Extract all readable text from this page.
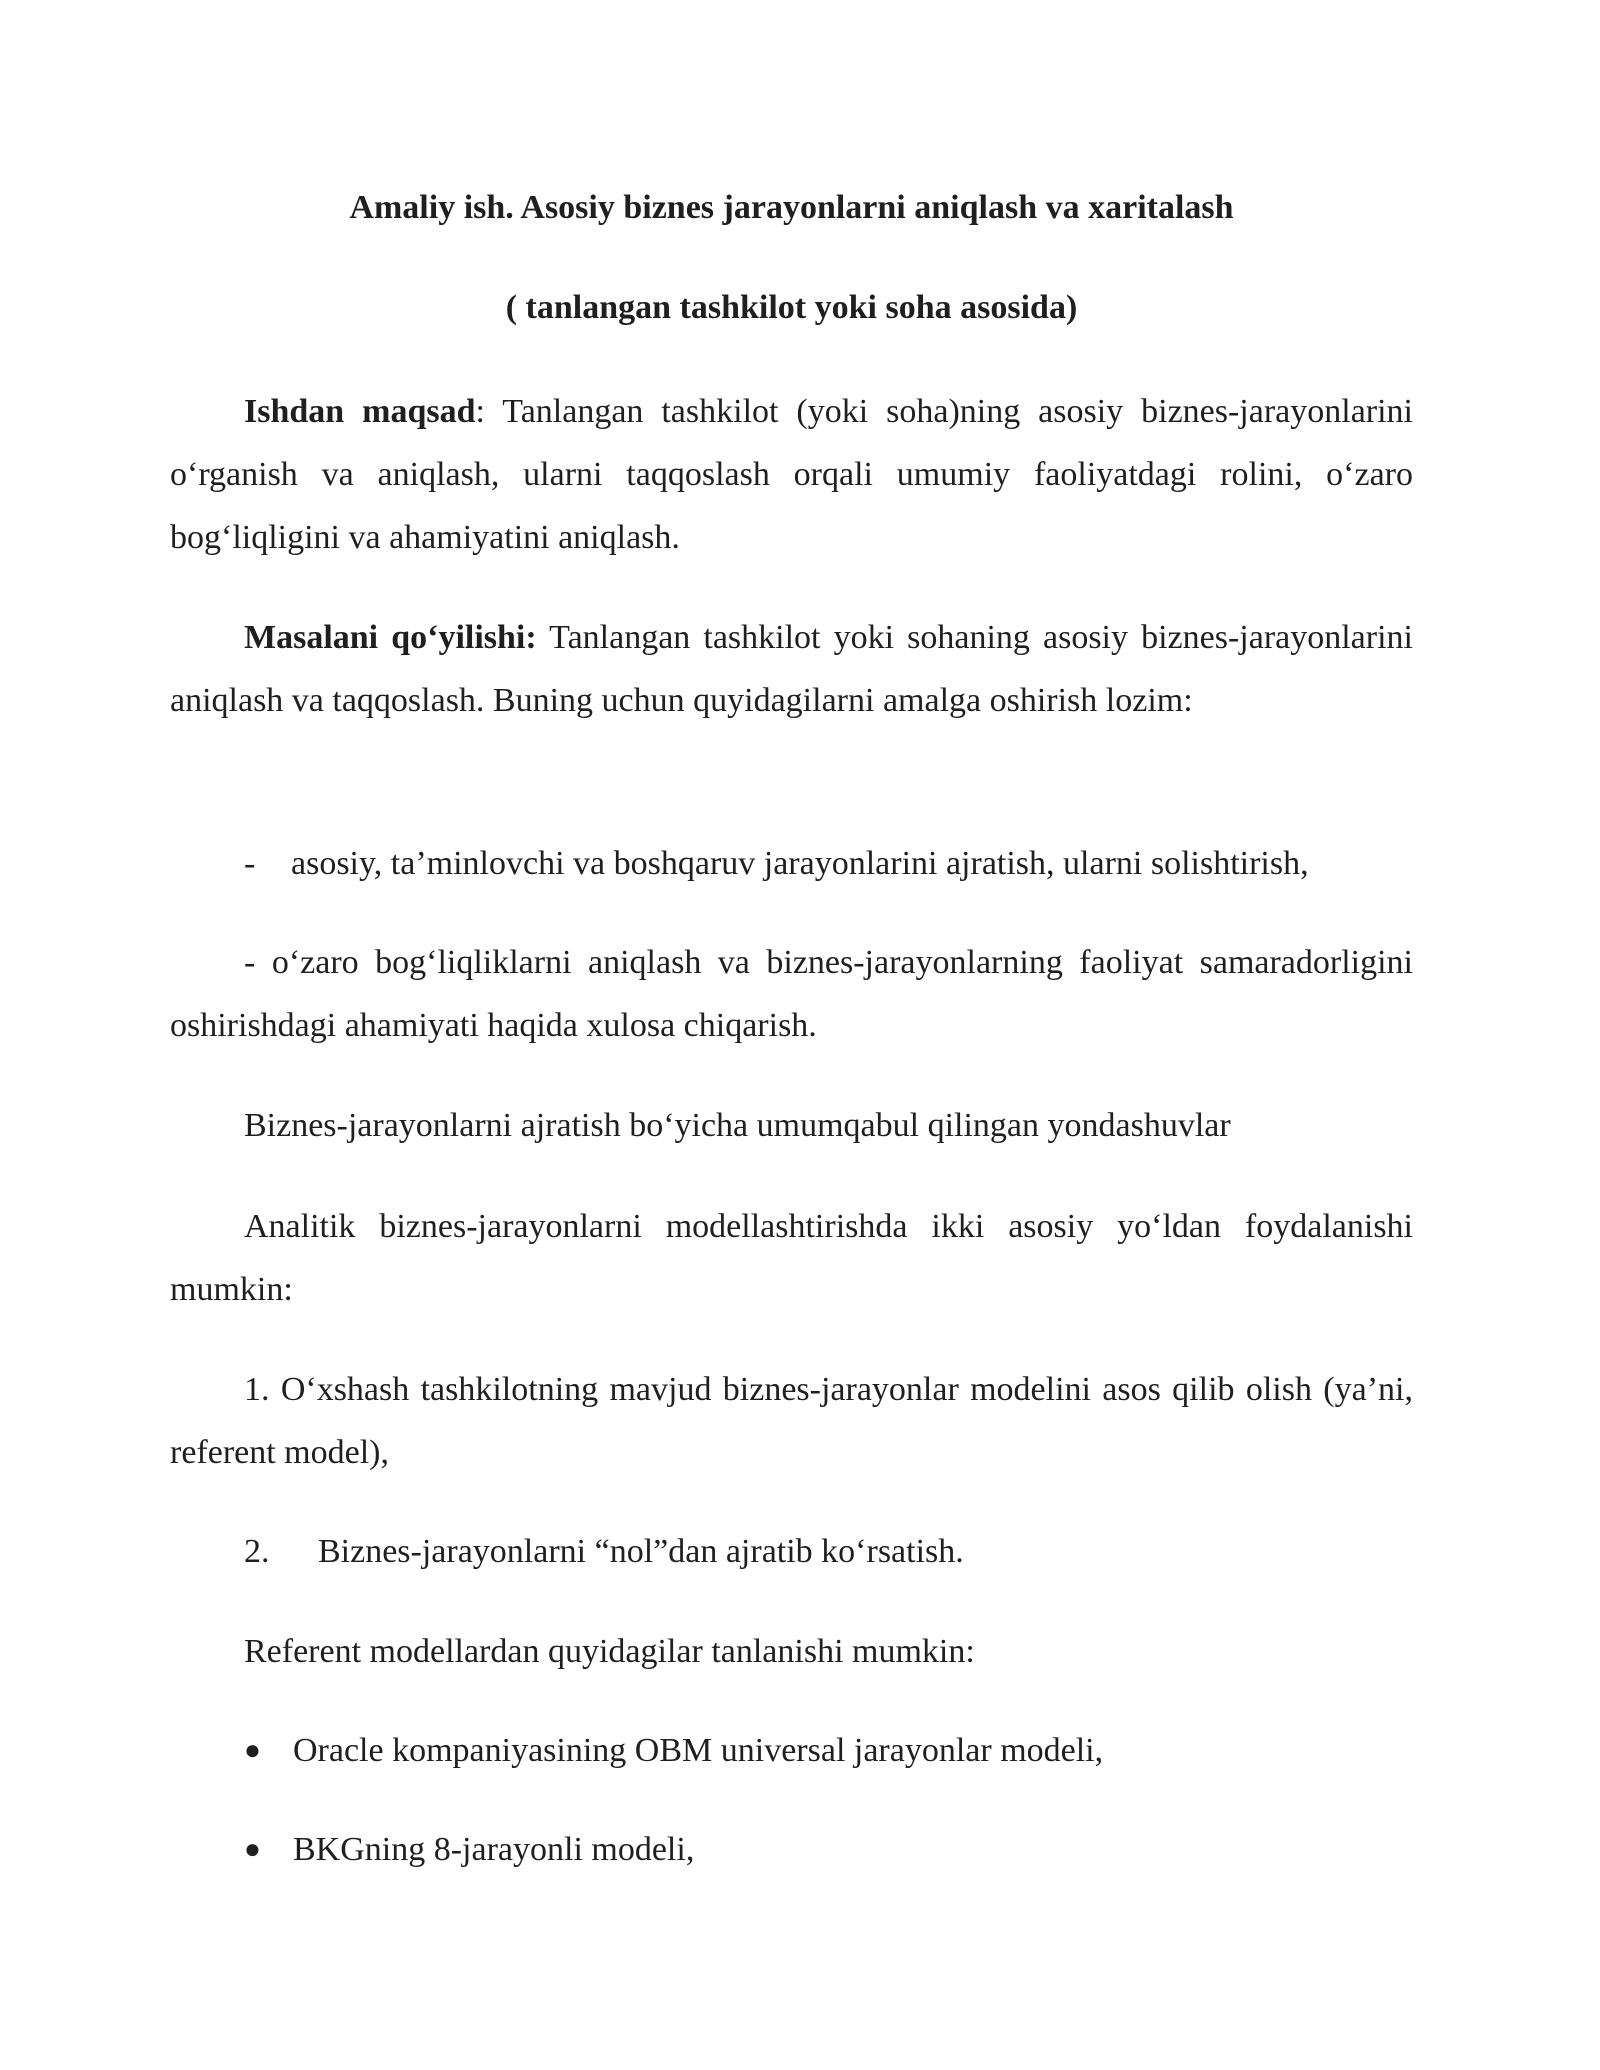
Amaliy ish. Asosiy biznes jarayonlarni aniqlash va xaritalash
( tanlangan tashkilot yoki soha asosida)

Ishdan maqsad: Tanlangan tashkilot (yoki soha)ning asosiy biznes-jarayonlarini o‘rganish va aniqlash, ularni taqqoslash orqali umumiy faoliyatdagi rolini, o‘zaro bog‘liqligini va ahamiyatini aniqlash.

Masalani qo‘yilishi: Tanlangan tashkilot yoki sohaning asosiy biznes-jarayonlarini aniqlash va taqqoslash. Buning uchun quyidagilarni amalga oshirish lozim:

- asosiy, ta’minlovchi va boshqaruv jarayonlarini ajratish, ularni solishtirish,

- o‘zaro bog‘liqliklarni aniqlash va biznes-jarayonlarning faoliyat samaradorligini oshirishdagi ahamiyati haqida xulosa chiqarish.

Biznes-jarayonlarni ajratish bo‘yicha umumqabul qilingan yondashuvlar

Analitik biznes-jarayonlarni modellashtirishda ikki asosiy yo‘ldan foydalanishi mumkin:

1. O‘xshash tashkilotning mavjud biznes-jarayonlar modelini asos qilib olish (ya’ni, referent model),

2. Biznes-jarayonlarni “nol”dan ajratib ko‘rsatish.
Referent modellardan quyidagilar tanlanishi mumkin:
● Oracle kompaniyasining OBM universal jarayonlar modeli,
● BKGning 8-jarayonli modeli,
